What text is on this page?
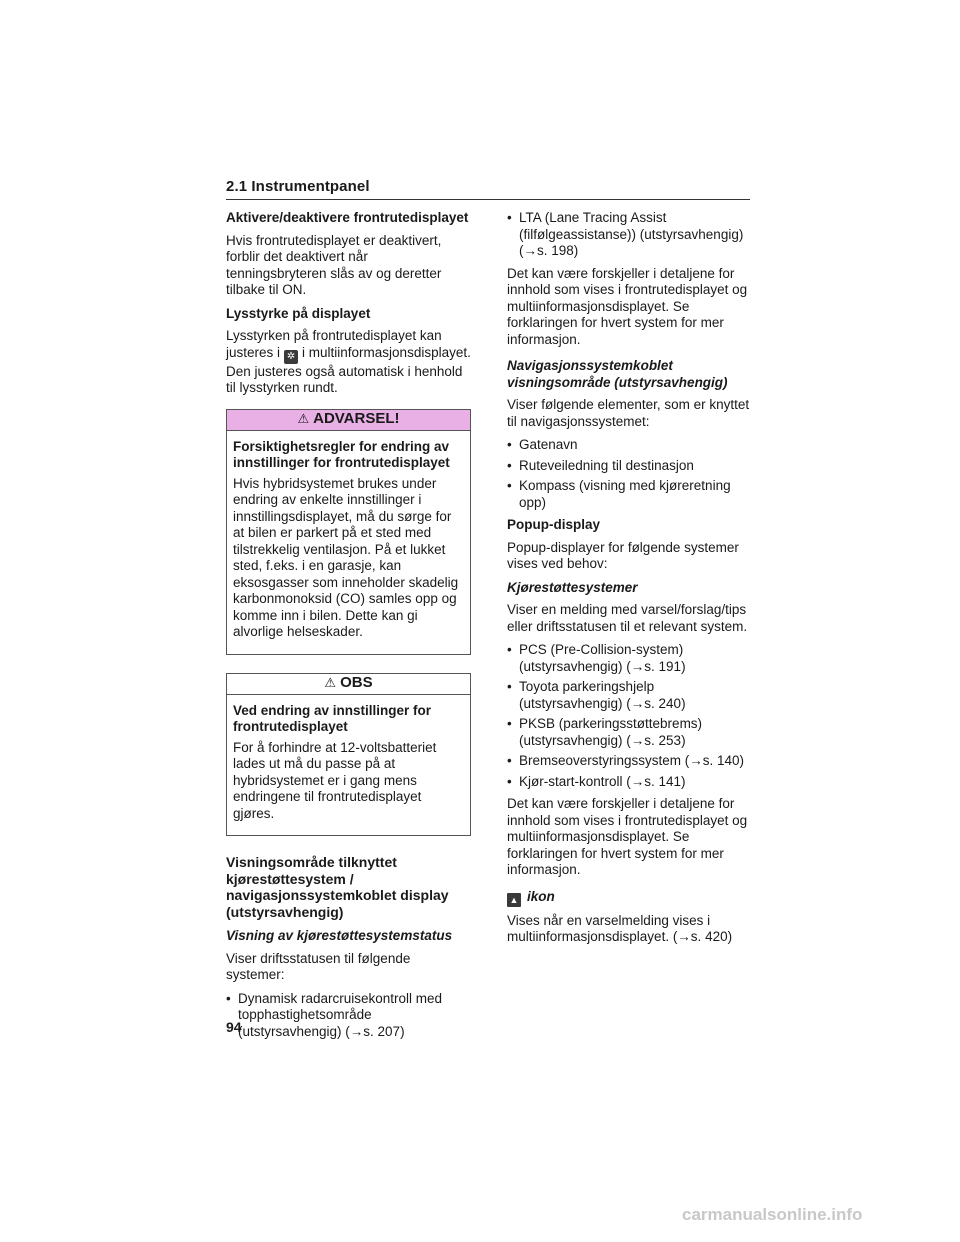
2.1 Instrumentpanel

Aktivere/deaktivere frontrutedisplayet

Hvis frontrutedisplayet er deaktivert, forblir det deaktivert når tenningsbryteren slås av og deretter tilbake til ON.

Lysstyrke på displayet

Lysstyrken på frontrutedisplayet kan justeres i ✲ i multiinformasjonsdisplayet. Den justeres også automatisk i henhold til lysstyrken rundt.

⚠ ADVARSEL!

Forsiktighetsregler for endring av innstillinger for frontrutedisplayet

Hvis hybridsystemet brukes under endring av enkelte innstillinger i innstillingsdisplayet, må du sørge for at bilen er parkert på et sted med tilstrekkelig ventilasjon. På et lukket sted, f.eks. i en garasje, kan eksosgasser som inneholder skadelig karbonmonoksid (CO) samles opp og komme inn i bilen. Dette kan gi alvorlige helseskader.

⚠ OBS

Ved endring av innstillinger for frontrutedisplayet

For å forhindre at 12-voltsbatteriet lades ut må du passe på at hybridsystemet er i gang mens endringene til frontrutedisplayet gjøres.

Visningsområde tilknyttet kjørestøttesystem / navigasjonssystemkoblet display (utstyrsavhengig)

Visning av kjørestøttesystemstatus

Viser driftsstatusen til følgende systemer:

• Dynamisk radarcruisekontroll med topphastighetsområde (utstyrsavhengig) (→s. 207)
• LTA (Lane Tracing Assist (filfølgeassistanse)) (utstyrsavhengig) (→s. 198)

Det kan være forskjeller i detaljene for innhold som vises i frontrutedisplayet og multiinformasjonsdisplayet. Se forklaringen for hvert system for mer informasjon.

Navigasjonssystemkoblet visningsområde (utstyrsavhengig)

Viser følgende elementer, som er knyttet til navigasjonssystemet:

• Gatenavn
• Ruteveiledning til destinasjon
• Kompass (visning med kjøreretning opp)

Popup-display

Popup-displayer for følgende systemer vises ved behov:

Kjørestøttesystemer

Viser en melding med varsel/forslag/tips eller driftsstatusen til et relevant system.

• PCS (Pre-Collision-system) (utstyrsavhengig) (→s. 191)
• Toyota parkeringshjelp (utstyrsavhengig) (→s. 240)
• PKSB (parkeringsstøttebrems) (utstyrsavhengig) (→s. 253)
• Bremseoverstyringssystem (→s. 140)
• Kjør-start-kontroll (→s. 141)

Det kan være forskjeller i detaljene for innhold som vises i frontrutedisplayet og multiinformasjonsdisplayet. Se forklaringen for hvert system for mer informasjon.

▲ ikon

Vises når en varselmelding vises i multiinformasjonsdisplayet. (→s. 420)

94
carmanualsonline.info
